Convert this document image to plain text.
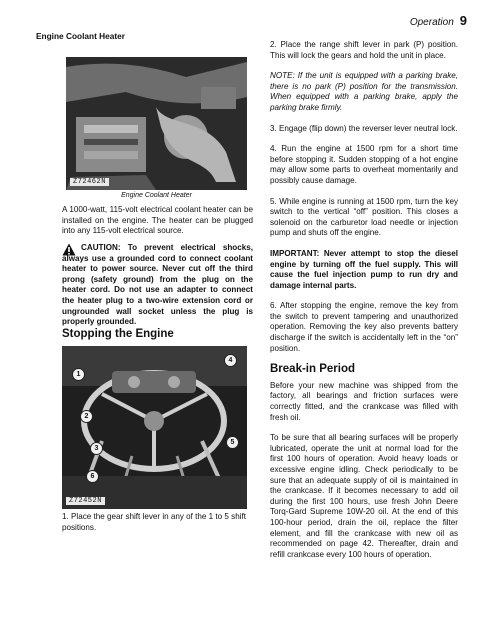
Operation 9
Engine Coolant Heater
Z72462N
Engine Coolant Heater
A 1000-watt, 115-volt electrical coolant heater can be installed on the engine. The heater can be plugged into any 115-volt electrical source.
CAUTION: To prevent electrical shocks, always use a grounded cord to connect coolant heater to power source. Never cut off the third prong (safety ground) from the plug on the heater cord. Do not use an adapter to connect the heater plug to a two-wire extension cord or ungrounded wall socket unless the plug is properly grounded.
Stopping the Engine
1
2
3
4
5
6
Z72452N
1. Place the gear shift lever in any of the 1 to 5 shift positions.

2. Place the range shift lever in park (P) position. This will lock the gears and hold the unit in place.

NOTE: If the unit is equipped with a parking brake, there is no park (P) position for the transmission. When equipped with a parking brake, apply the parking brake firmly.

3. Engage (flip down) the reverser lever neutral lock.

4. Run the engine at 1500 rpm for a short time before stopping it. Sudden stopping of a hot engine may allow some parts to overheat momentarily and possibly cause damage.

5. While engine is running at 1500 rpm, turn the key switch to the vertical “off” position. This closes a solenoid on the carburetor load needle or injection pump and shuts off the engine.

IMPORTANT: Never attempt to stop the diesel engine by turning off the fuel supply. This will cause the fuel injection pump to run dry and damage internal parts.

6. After stopping the engine, remove the key from the switch to prevent tampering and unauthorized operation. Removing the key also prevents battery discharge if the switch is accidentally left in the “on” position.

Break-in Period

Before your new machine was shipped from the factory, all bearings and friction surfaces were correctly fitted, and the crankcase was filled with fresh oil.

To be sure that all bearing surfaces will be properly lubricated, operate the unit at normal load for the first 100 hours of operation. Avoid heavy loads or excessive engine idling. Check periodically to be sure that an adequate supply of oil is maintained in the crankcase. If it becomes necessary to add oil during the first 100 hours, use fresh John Deere Torq-Gard Supreme 10W-20 oil. At the end of this 100-hour period, drain the oil, replace the filter element, and fill the crankcase with new oil as recommended on page 42. Thereafter, drain and refill crankcase every 100 hours of operation.
